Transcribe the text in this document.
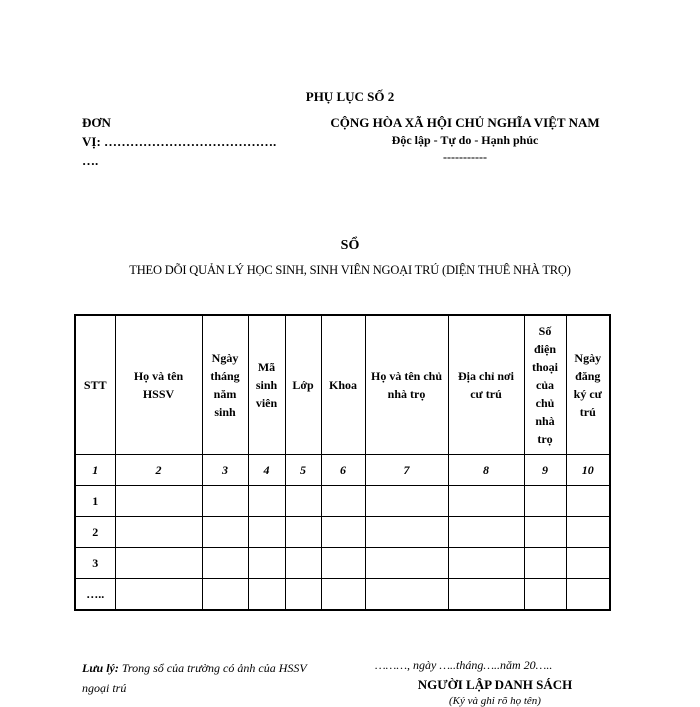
PHỤ LỤC SỐ 2
ĐƠN
VỊ: ………………………………….
….
CỘNG HÒA XÃ HỘI CHỦ NGHĨA VIỆT NAM
Độc lập - Tự do - Hạnh phúc
-----------
SỔ
THEO DÕI QUẢN LÝ HỌC SINH, SINH VIÊN NGOẠI TRÚ (DIỆN THUÊ NHÀ TRỌ)
STT	Họ và tên HSSV	Ngày tháng năm sinh	Mã sinh viên	Lớp	Khoa	Họ và tên chủ nhà trọ	Địa chỉ nơi cư trú	Số điện thoại của chủ nhà trọ	Ngày đăng ký cư trú
1	2	3	4	5	6	7	8	9	10
1									
2									
3									
…..									
Lưu lý: Trong sổ của trường có ảnh của HSSV ngoại trú
………, ngày …..tháng…..năm 20…..
NGƯỜI LẬP DANH SÁCH
(Ký và ghi rõ họ tên)
